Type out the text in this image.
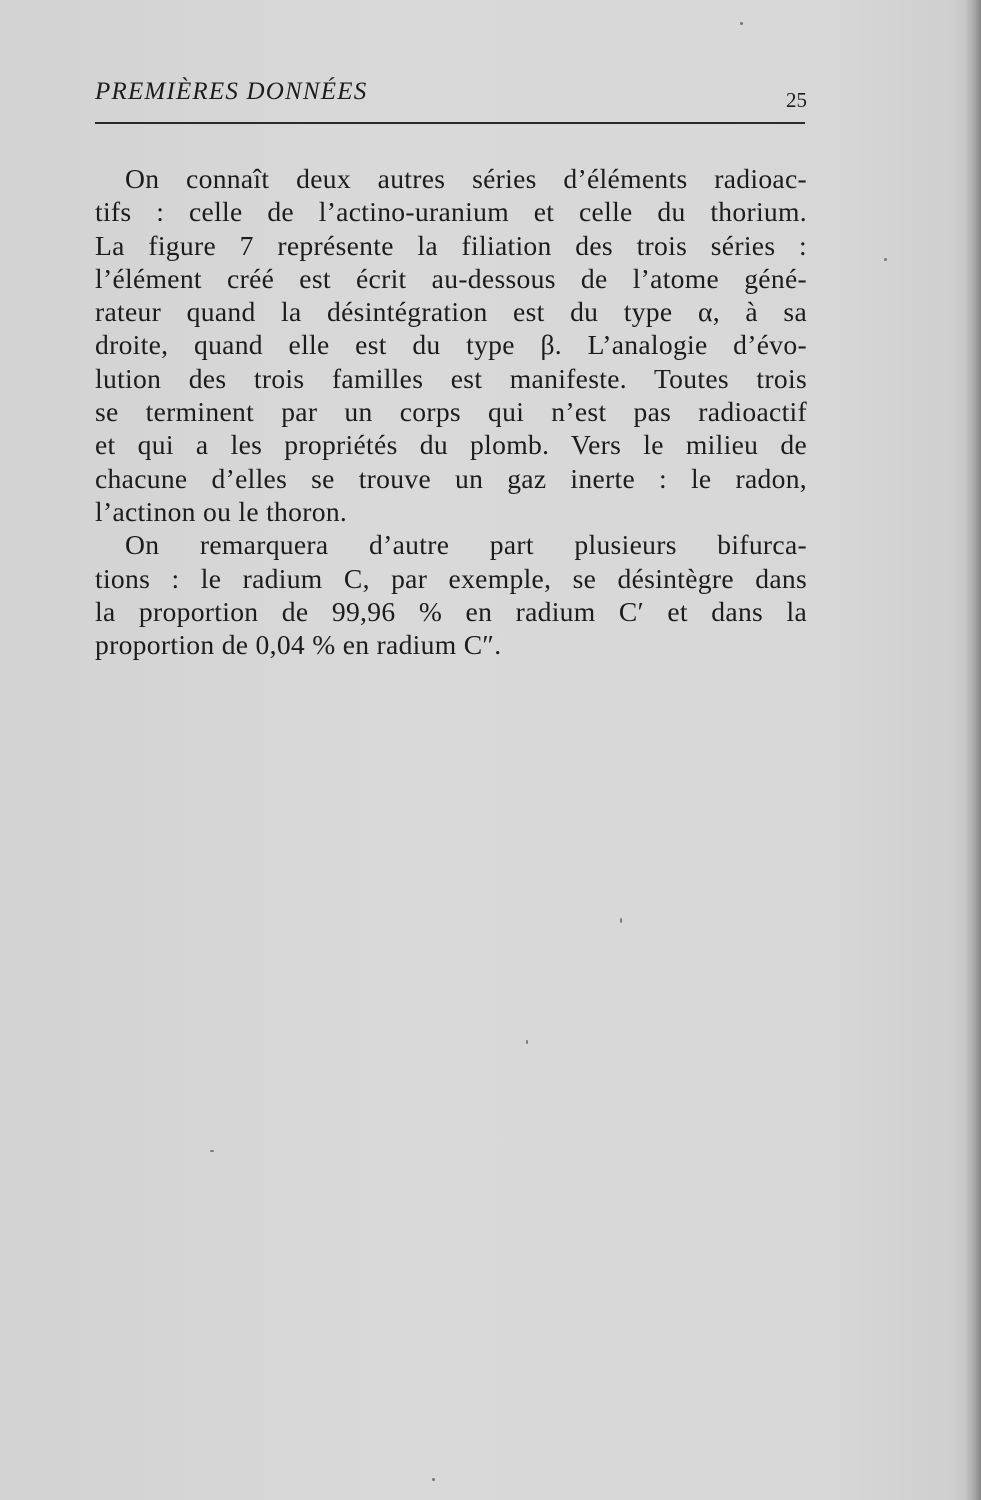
PREMIÈRES DONNÉES	25
On connaît deux autres séries d’éléments radioac-
tifs : celle de l’actino-uranium et celle du thorium.
La figure 7 représente la filiation des trois séries :
l’élément créé est écrit au-dessous de l’atome géné-
rateur quand la désintégration est du type α, à sa
droite, quand elle est du type β. L’analogie d’évo-
lution des trois familles est manifeste. Toutes trois
se terminent par un corps qui n’est pas radioactif
et qui a les propriétés du plomb. Vers le milieu de
chacune d’elles se trouve un gaz inerte : le radon,
l’actinon ou le thoron.
On remarquera d’autre part plusieurs bifurca-
tions : le radium C, par exemple, se désintègre dans
la proportion de 99,96 % en radium C′ et dans la
proportion de 0,04 % en radium C″.
